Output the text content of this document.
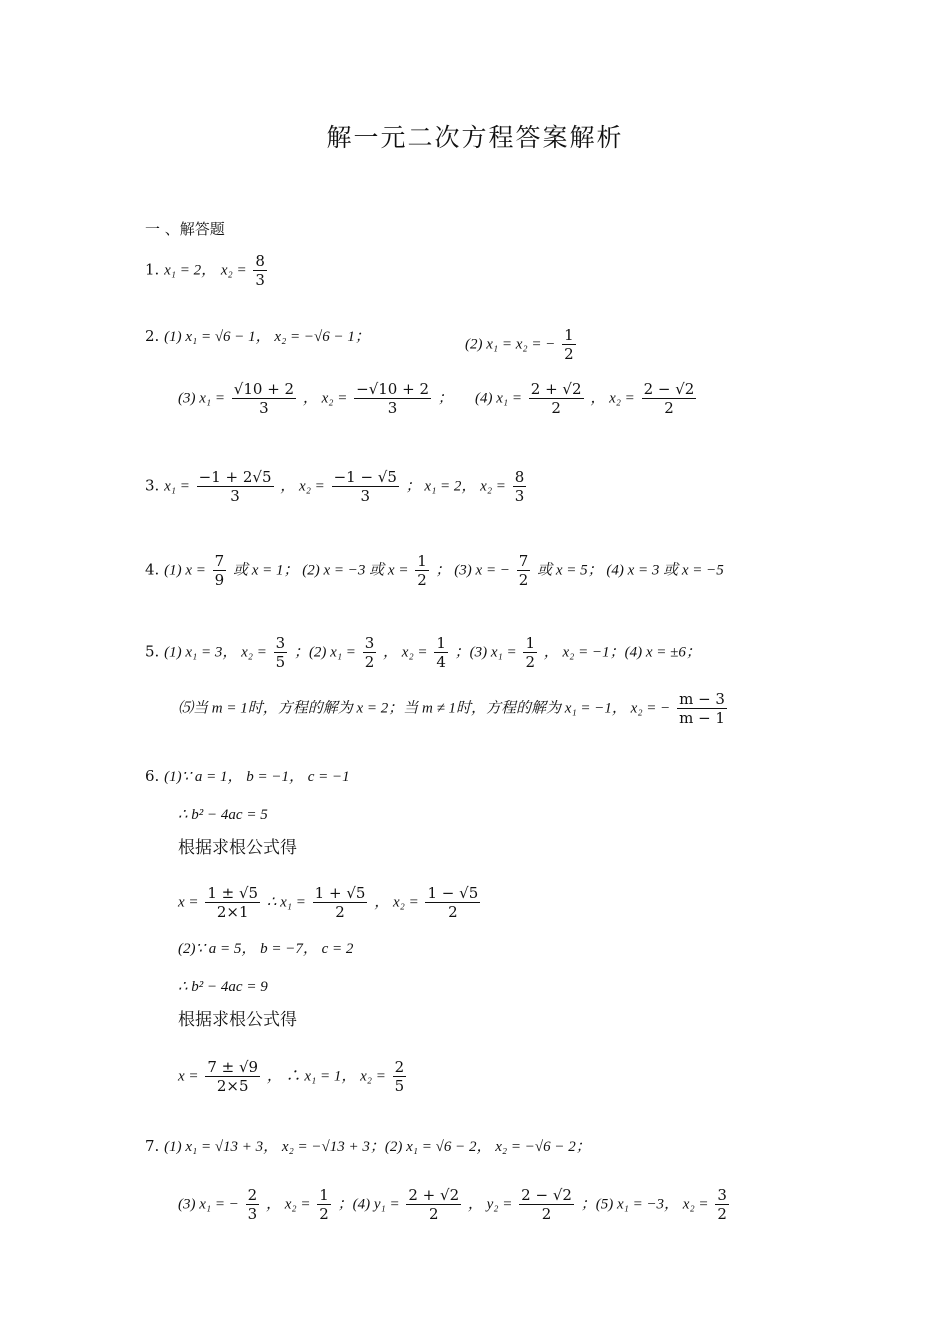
解一元二次方程答案解析
一 、解答题
1. x₁ = 2， $x_2 = \frac{8}{3}$
2. (1) x₁ = √6 − 1， x₂ = −√6 − 1；	(2) x₁ = x₂ = − $\frac{1}{2}$
(3) $x_1 = \frac{√10 + 2}{3}$ ， $x_2 = \frac{-√10 + 2}{3}$ ； (4) $x_1 = \frac{2 + √2}{2}$ ， $x_2 = \frac{2 - √2}{2}$
3. $x_1 = \frac{-1 + 2√5}{3}$ ， $x_2 = \frac{-1 - √5}{3}$ ； x₁ = 2， $x_2 = \frac{8}{3}$
4. (1) $x = \frac{7}{9}$ 或 x = 1； (2) x = −3 或 $x = \frac{1}{2}$ ； (3) x = − $\frac{7}{2}$ 或 x = 5； (4) x = 3 或 x = −5
5. (1) x₁ = 3， $x_2 = \frac{3}{5}$ ；(2) $x_1 = \frac{3}{2}$ ， $x_2 = \frac{1}{4}$ ；(3) $x_1 = \frac{1}{2}$ ， x₂ = −1；(4) x = ±6；
⑸当 m = 1时，方程的解为 x = 2；当 m ≠ 1时，方程的解为 x₁ = −1， x₂ = − $\frac{m - 3}{m - 1}$
6. (1)∵ a = 1， b = −1， c = −1
∴ b² − 4ac = 5
根据求根公式得
$x = \frac{1 \pm √5}{2\times 1}$ ∴ $x_1 = \frac{1 + √5}{2}$ ， $x_2 = \frac{1 - √5}{2}$
(2)∵ a = 5， b = −7， c = 2
∴ b² − 4ac = 9
根据求根公式得
$x = \frac{7 \pm √9}{2\times 5}$ ， ∴ x₁ = 1， $x_2 = \frac{2}{5}$
7. (1) x₁ = √13 + 3， x₂ = −√13 + 3；(2) x₁ = √6 − 2， x₂ = −√6 − 2；
(3) x₁ = − $\frac{2}{3}$ ， $x_2 = \frac{1}{2}$ ；(4) $y_1 = \frac{2 + √2}{2}$ ， $y_2 = \frac{2 - √2}{2}$ ；(5) x₁ = −3， $x_2 = \frac{3}{2}$
